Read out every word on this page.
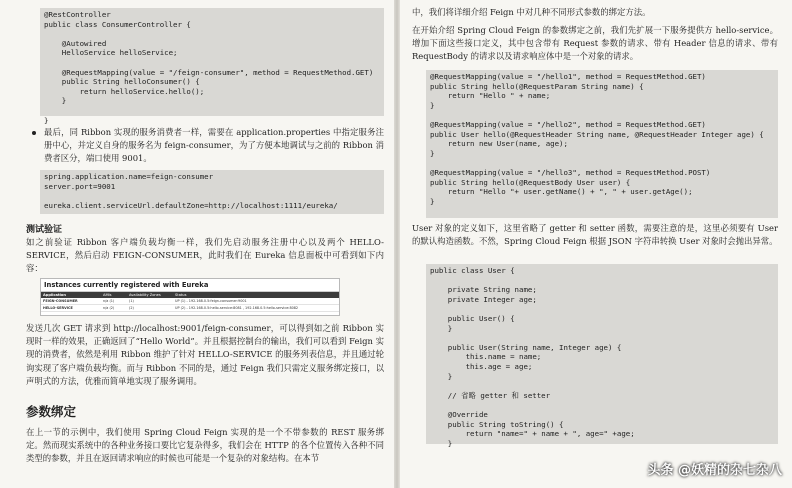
@RestController
public class ConsumerController {

@Autowired
HelloService helloService;

@RequestMapping(value = "/feign-consumer", method = RequestMethod.GET)
public String helloConsumer() {
return helloService.hello();
}

}
最后，同 Ribbon 实现的服务消费者一样，需要在 application.properties 中指定服务注册中心，并定义自身的服务名为 feign-consumer，为了方便本地调试与之前的 Ribbon 消费者区分，端口使用 9001。
spring.application.name=feign-consumer
server.port=9001

eureka.client.serviceUrl.defaultZone=http://localhost:1111/eureka/
测试验证
如之前验证 Ribbon 客户端负载均衡一样，我们先启动服务注册中心以及两个 HELLO-SERVICE，然后启动 FEIGN-CONSUMER，此时我们在 Eureka 信息面板中可看到如下内容：
Instances currently registered with Eureka
Application	AMIs	Availability Zones	Status
FEIGN-CONSUMER	n/a (1)	(1)	UP (1) - 192.168.0.5:feign-consumer:9001
HELLO-SERVICE	n/a (2)	(2)	UP (2) - 192.168.0.5:hello-service:8081 , 192.168.0.5:hello-service:8082
发送几次 GET 请求到 http://localhost:9001/feign-consumer，可以得到如之前 Ribbon 实现时一样的效果，正确返回了“Hello World”。并且根据控制台的输出，我们可以看到 Feign 实现的消费者，依然是利用 Ribbon 维护了针对 HELLO-SERVICE 的服务列表信息，并且通过轮询实现了客户端负载均衡。而与 Ribbon 不同的是，通过 Feign 我们只需定义服务绑定接口，以声明式的方法，优雅而简单地实现了服务调用。
参数绑定
在上一节的示例中，我们使用 Spring Cloud Feign 实现的是一个不带参数的 REST 服务绑定。然而现实系统中的各种业务接口要比它复杂得多，我们会在 HTTP 的各个位置传入各种不同类型的参数，并且在返回请求响应的时候也可能是一个复杂的对象结构。在本节
中，我们将详细介绍 Feign 中对几种不同形式参数的绑定方法。
在开始介绍 Spring Cloud Feign 的参数绑定之前，我们先扩展一下服务提供方 hello-service。增加下面这些接口定义，其中包含带有 Request 参数的请求、带有 Header 信息的请求、带有 RequestBody 的请求以及请求响应体中是一个对象的请求。
@RequestMapping(value = "/hello1", method = RequestMethod.GET)
public String hello(@RequestParam String name) {
return "Hello " + name;
}

@RequestMapping(value = "/hello2", method = RequestMethod.GET)
public User hello(@RequestHeader String name, @RequestHeader Integer age) {
return new User(name, age);
}

@RequestMapping(value = "/hello3", method = RequestMethod.POST)
public String hello(@RequestBody User user) {
return "Hello "+ user.getName() + ", " + user.getAge();
}
User 对象的定义如下，这里省略了 getter 和 setter 函数，需要注意的是，这里必须要有 User 的默认构造函数。不然，Spring Cloud Feign 根据 JSON 字符串转换 User 对象时会抛出异常。
public class User {

private String name;
private Integer age;

public User() {
}

public User(String name, Integer age) {
this.name = name;
this.age = age;
}

// 省略 getter 和 setter

@Override
public String toString() {
return "name=" + name + ", age=" +age;
}
头条 @妖精的杂七杂八
